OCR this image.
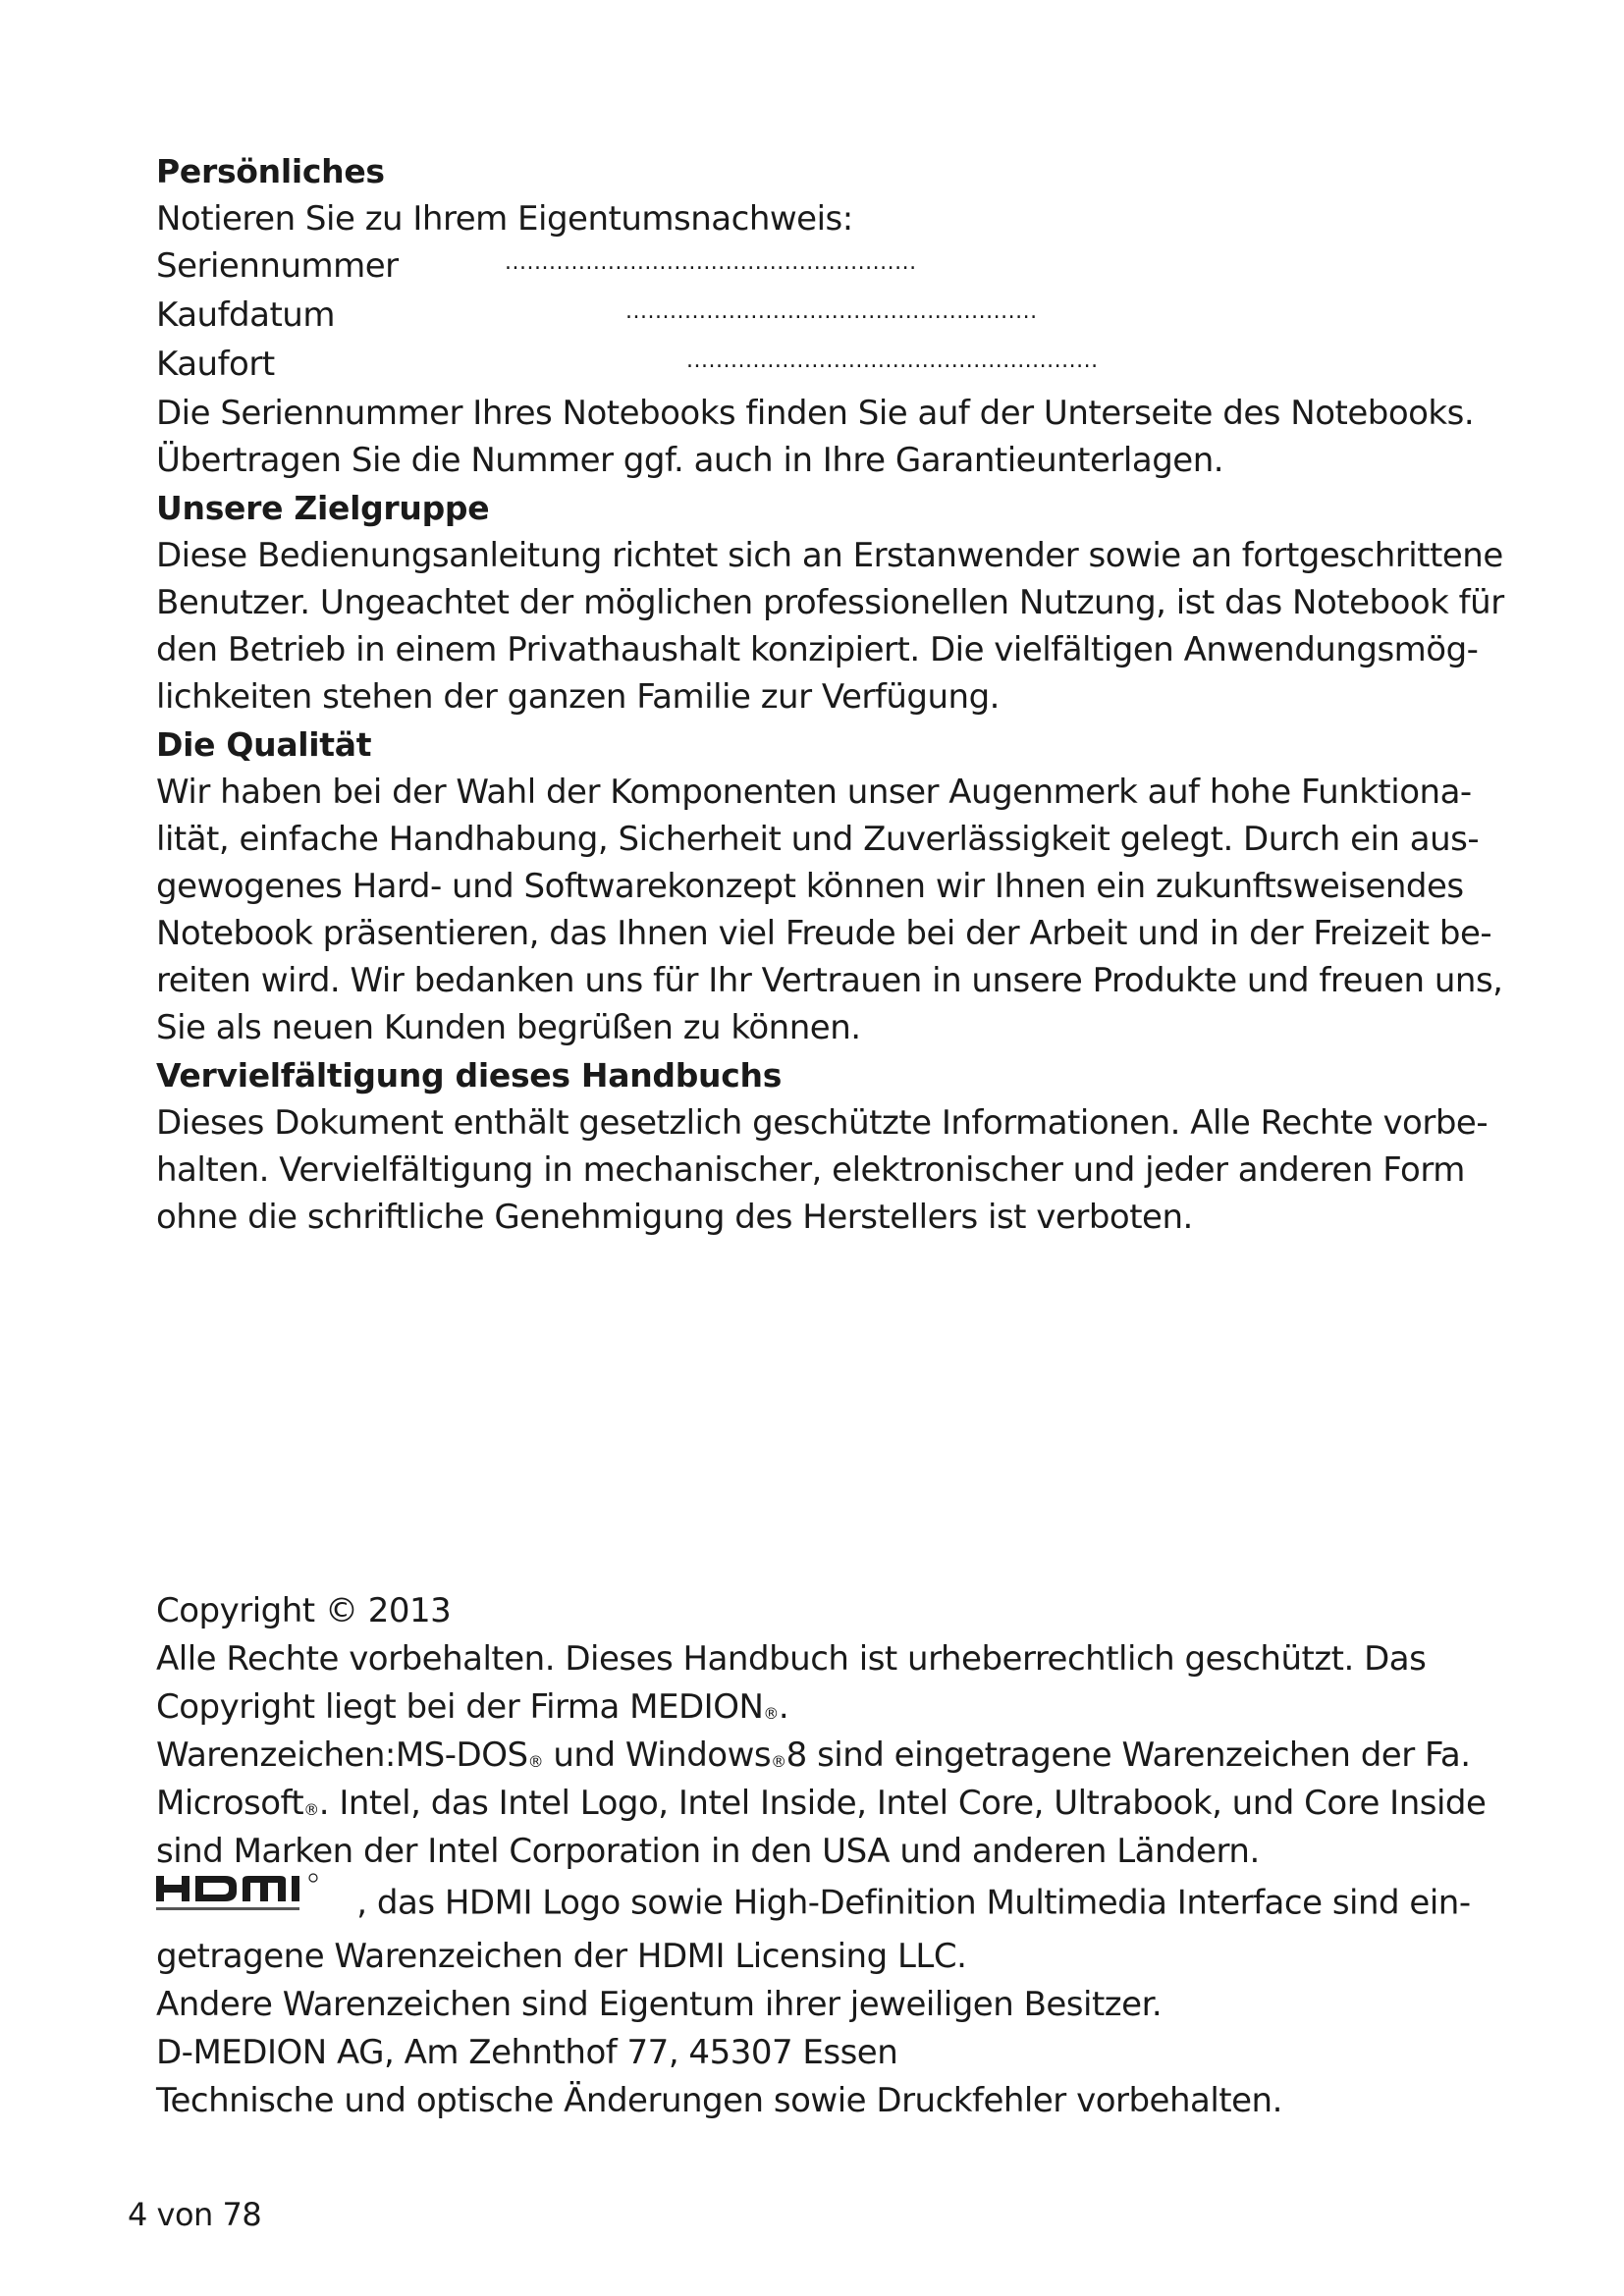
Persönliches
Notieren Sie zu Ihrem Eigentumsnachweis:
Seriennummer	........................................................
Kaufdatum	........................................................
Kaufort	........................................................
Die Seriennummer Ihres Notebooks finden Sie auf der Unterseite des Notebooks.
Übertragen Sie die Nummer ggf. auch in Ihre Garantieunterlagen.
Unsere Zielgruppe
Diese Bedienungsanleitung richtet sich an Erstanwender sowie an fortgeschrittene
Benutzer. Ungeachtet der möglichen professionellen Nutzung, ist das Notebook für
den Betrieb in einem Privathaushalt konzipiert. Die vielfältigen Anwendungsmög-
lichkeiten stehen der ganzen Familie zur Verfügung.
Die Qualität
Wir haben bei der Wahl der Komponenten unser Augenmerk auf hohe Funktiona-
lität, einfache Handhabung, Sicherheit und Zuverlässigkeit gelegt. Durch ein aus-
gewogenes Hard- und Softwarekonzept können wir Ihnen ein zukunftsweisendes
Notebook präsentieren, das Ihnen viel Freude bei der Arbeit und in der Freizeit be-
reiten wird. Wir bedanken uns für Ihr Vertrauen in unsere Produkte und freuen uns,
Sie als neuen Kunden begrüßen zu können.
Vervielfältigung dieses Handbuchs
Dieses Dokument enthält gesetzlich geschützte Informationen. Alle Rechte vorbe-
halten. Vervielfältigung in mechanischer, elektronischer und jeder anderen Form
ohne die schriftliche Genehmigung des Herstellers ist verboten.
Copyright © 2013
Alle Rechte vorbehalten. Dieses Handbuch ist urheberrechtlich geschützt. Das
Copyright liegt bei der Firma MEDION®.
Warenzeichen:MS-DOS® und Windows®8 sind eingetragene Warenzeichen der Fa.
Microsoft®. Intel, das Intel Logo, Intel Inside, Intel Core, Ultrabook, und Core Inside
sind Marken der Intel Corporation in den USA und anderen Ländern.
, das HDMI Logo sowie High-Definition Multimedia Interface sind ein-
getragene Warenzeichen der HDMI Licensing LLC.
Andere Warenzeichen sind Eigentum ihrer jeweiligen Besitzer.
D-MEDION AG, Am Zehnthof 77, 45307 Essen
Technische und optische Änderungen sowie Druckfehler vorbehalten.
4 von 78
